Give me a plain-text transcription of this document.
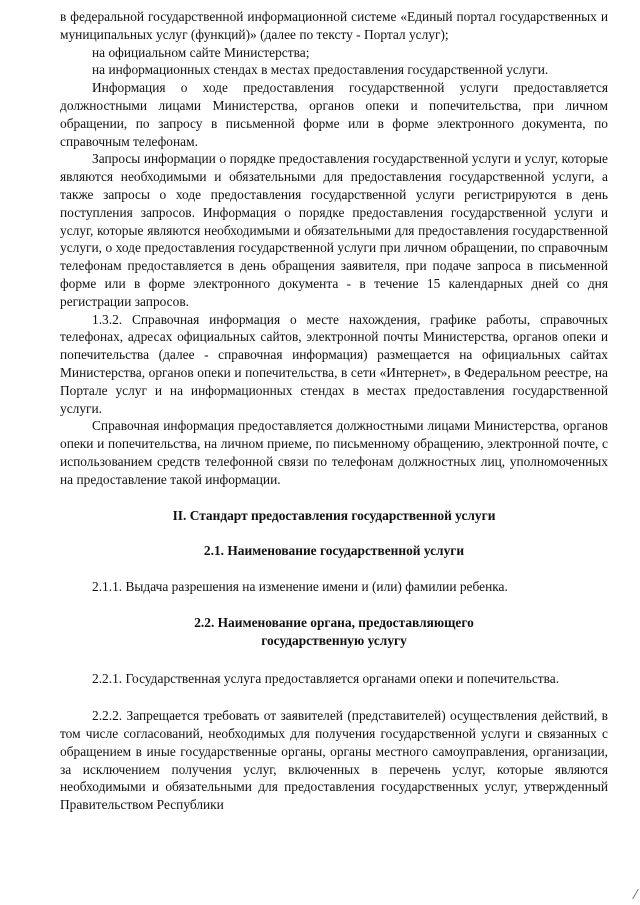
в федеральной государственной информационной системе «Единый портал государственных и муниципальных услуг (функций)» (далее по тексту - Портал услуг);

на официальном сайте Министерства;

на информационных стендах в местах предоставления государственной услуги.

Информация о ходе предоставления государственной услуги предоставляется должностными лицами Министерства, органов опеки и попечительства, при личном обращении, по запросу в письменной форме или в форме электронного документа, по справочным телефонам.

Запросы информации о порядке предоставления государственной услуги и услуг, которые являются необходимыми и обязательными для предоставления государственной услуги, а также запросы о ходе предоставления государственной услуги регистрируются в день поступления запросов. Информация о порядке предоставления государственной услуги и услуг, которые являются необходимыми и обязательными для предоставления государственной услуги, о ходе предоставления государственной услуги при личном обращении, по справочным телефонам предоставляется в день обращения заявителя, при подаче запроса в письменной форме или в форме электронного документа - в течение 15 календарных дней со дня регистрации запросов.

1.3.2. Справочная информация о месте нахождения, графике работы, справочных телефонах, адресах официальных сайтов, электронной почты Министерства, органов опеки и попечительства (далее - справочная информация) размещается на официальных сайтах Министерства, органов опеки и попечительства, в сети «Интернет», в Федеральном реестре, на Портале услуг и на информационных стендах в местах предоставления государственной услуги.

Справочная информация предоставляется должностными лицами Министерства, органов опеки и попечительства, на личном приеме, по письменному обращению, электронной почте, с использованием средств телефонной связи по телефонам должностных лиц, уполномоченных на предоставление такой информации.

II. Стандарт предоставления государственной услуги

2.1. Наименование государственной услуги

2.1.1. Выдача разрешения на изменение имени и (или) фамилии ребенка.

2.2. Наименование органа, предоставляющего

государственную услугу

2.2.1. Государственная услуга предоставляется органами опеки и попечительства.

2.2.2. Запрещается требовать от заявителей (представителей) осуществления действий, в том числе согласований, необходимых для получения государственной услуги и связанных с обращением в иные государственные органы, органы местного самоуправления, организации, за исключением получения услуг, включенных в перечень услуг, которые являются необходимыми и обязательными для предоставления государственных услуг, утвержденный Правительством Республики
